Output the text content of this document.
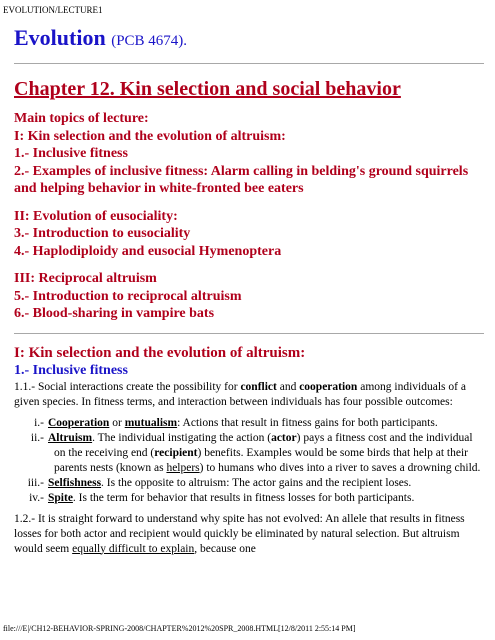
EVOLUTION/LECTURE1
Evolution (PCB 4674).
Chapter 12. Kin selection and social behavior
Main topics of lecture:
I: Kin selection and the evolution of altruism:
1.- Inclusive fitness
2.- Examples of inclusive fitness: Alarm calling in belding's ground squirrels and helping behavior in white-fronted bee eaters
II: Evolution of eusociality:
3.- Introduction to eusociality
4.- Haplodiploidy and eusocial Hymenoptera
III: Reciprocal altruism
5.- Introduction to reciprocal altruism
6.- Blood-sharing in vampire bats
I: Kin selection and the evolution of altruism:
1.- Inclusive fitness

1.1.- Social interactions create the possibility for conflict and cooperation among individuals of a given species. In fitness terms, and interaction between individuals has four possible outcomes:

i.- Cooperation or mutualism: Actions that result in fitness gains for both participants.
ii.- Altruism. The individual instigating the action (actor) pays a fitness cost and the individual on the receiving end (recipient) benefits. Examples would be some birds that help at their parents nests (known as helpers) to humans who dives into a river to saves a drowning child.
iii.- Selfishness. Is the opposite to altruism: The actor gains and the recipient loses.
iv.- Spite. Is the term for behavior that results in fitness losses for both participants.

1.2.- It is straight forward to understand why spite has not evolved: An allele that results in fitness losses for both actor and recipient would quickly be eliminated by natural selection. But altruism would seem equally difficult to explain, because one

file:///E|/CH12-BEHAVIOR-SPRING-2008/CHAPTER%2012%20SPR_2008.HTML[12/8/2011 2:55:14 PM]
